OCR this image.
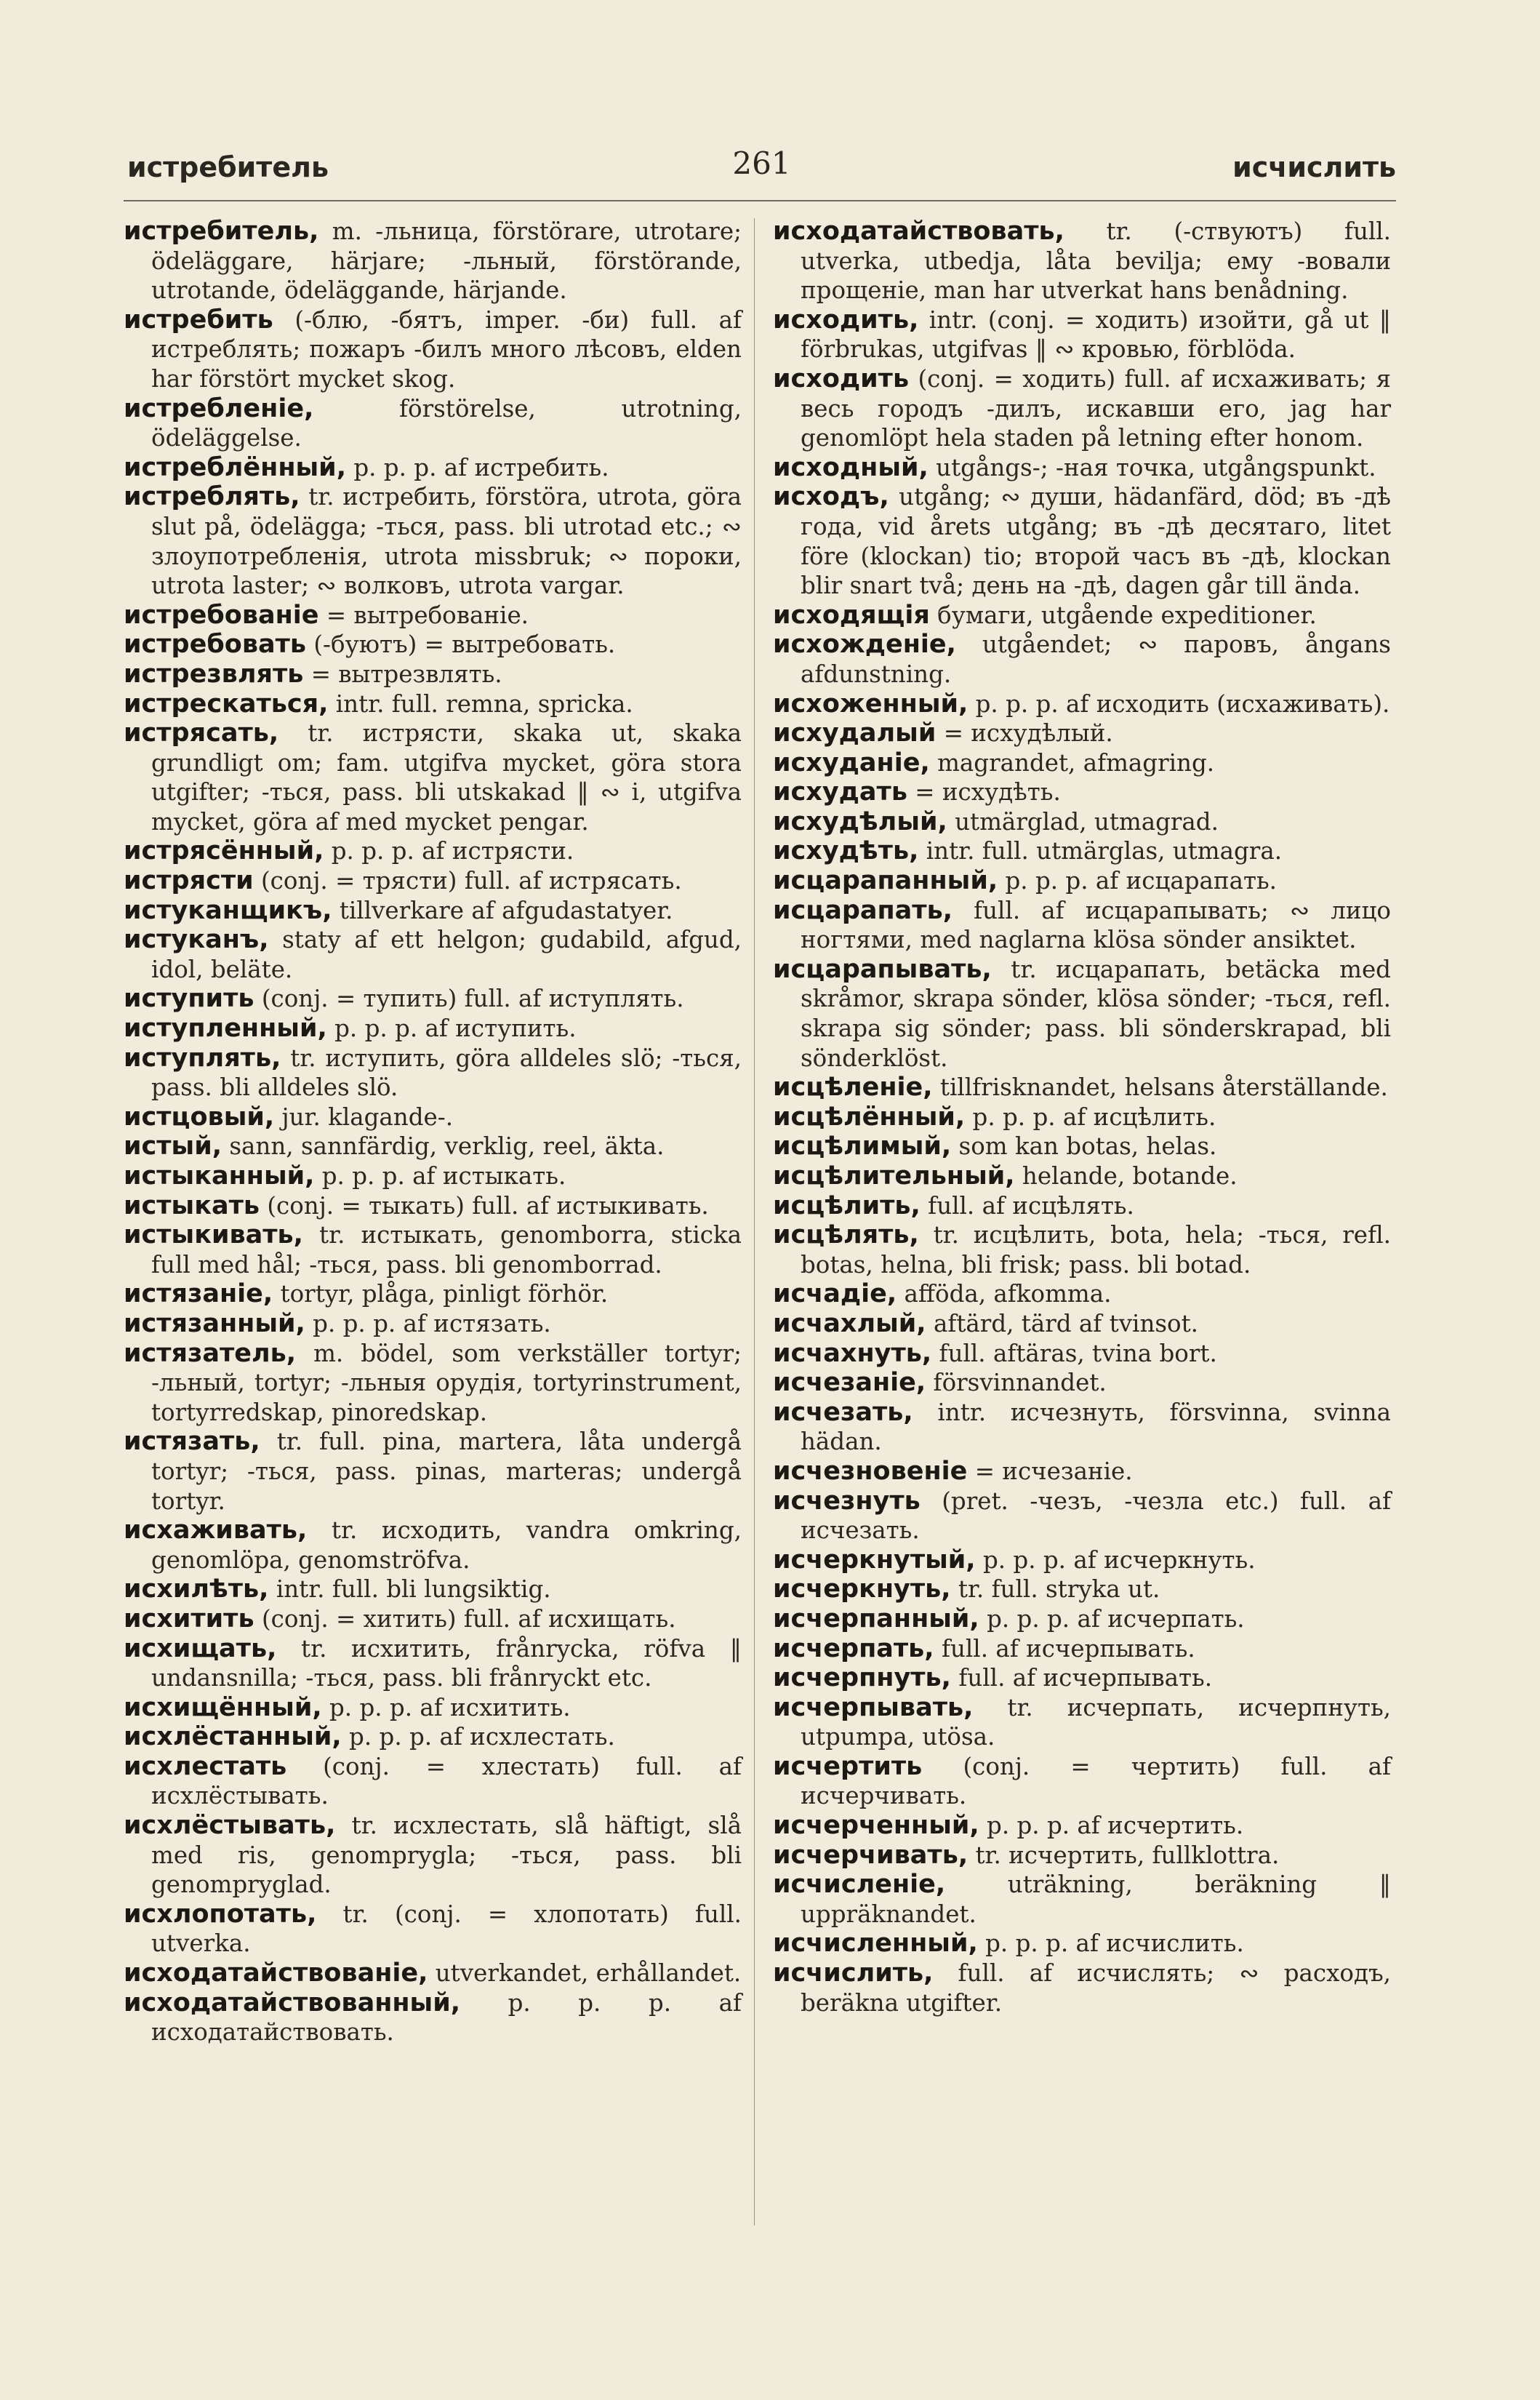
истребитель	261	исчислить

истребитель, m. -льница, förstörare, utrotare; ödeläggare, härjare; -льный, förstörande, utrotande, ödeläggande, härjande.

истребить (-блю, -бятъ, imper. -би) full. af истреблять; пожаръ -билъ много лѣсовъ, elden har förstört mycket skog.

истребленіе, förstörelse, utrotning, ödeläggelse.

истреблённый, p. p. p. af истребить.

истреблять, tr. истребить, förstöra, utrota, göra slut på, ödelägga; -ться, pass. bli utrotad etc.; ∾ злоупотребленія, utrota missbruk; ∾ пороки, utrota laster; ∾ волковъ, utrota vargar.

истребованіе = вытребованіе.

истребовать (-буютъ) = вытребовать.

истрезвлять = вытрезвлять.

истрескаться, intr. full. remna, spricka.

истрясать, tr. истрясти, skaka ut, skaka grundligt om; fam. utgifva mycket, göra stora utgifter; -ться, pass. bli utskakad ‖ ∾ i, utgifva mycket, göra af med mycket pengar.

истрясённый, p. p. p. af истрясти.

истрясти (conj. = трясти) full. af истрясать.

истуканщикъ, tillverkare af afgudastatyer.

истуканъ, staty af ett helgon; gudabild, afgud, idol, beläte.

иступить (conj. = тупить) full. af иступлять.

иступленный, p. p. p. af иступить.

иступлять, tr. иступить, göra alldeles slö; -ться, pass. bli alldeles slö.

истцовый, jur. klagande-.

истый, sann, sannfärdig, verklig, reel, äkta.

истыканный, p. p. p. af истыкать.

истыкать (conj. = тыкать) full. af истыкивать.

истыкивать, tr. истыкать, genomborra, sticka full med hål; -ться, pass. bli genomborrad.

истязаніе, tortyr, plåga, pinligt förhör.

истязанный, p. p. p. af истязать.

истязатель, m. bödel, som verkställer tortyr; -льный, tortyr; -льныя орудія, tortyrinstrument, tortyrredskap, pinoredskap.

истязать, tr. full. pina, martera, låta undergå tortyr; -ться, pass. pinas, marteras; undergå tortyr.

исхаживать, tr. исходить, vandra omkring, genomlöpa, genomströfva.

исхилѣть, intr. full. bli lungsiktig.

исхитить (conj. = хитить) full. af исхищать.

исхищать, tr. исхитить, frånrycka, röfva ‖ undansnilla; -ться, pass. bli frånryckt etc.

исхищённый, p. p. p. af исхитить.

исхлёстанный, p. p. p. af исхлестать.

исхлестать (conj. = хлестать) full. af исхлёстывать.

исхлёстывать, tr. исхлестать, slå häftigt, slå med ris, genomprygla; -ться, pass. bli genompryglad.

исхлопотать, tr. (conj. = хлопотать) full. utverka.

исходатайствованіе, utverkandet, erhållandet.

исходатайствованный, p. p. p. af исходатайствовать.

исходатайствовать, tr. (-ствуютъ) full. utverka, utbedja, låta bevilja; ему -вовали прощеніе, man har utverkat hans benådning.

исходить, intr. (conj. = ходить) изойти, gå ut ‖ förbrukas, utgifvas ‖ ∾ кровью, förblöda.

исходить (conj. = ходить) full. af исхаживать; я весь городъ -дилъ, искавши его, jag har genomlöpt hela staden på letning efter honom.

исходный, utgångs-; -ная точка, utgångspunkt.

исходъ, utgång; ∾ души, hädanfärd, död; въ -дѣ года, vid årets utgång; въ -дѣ десятаго, litet före (klockan) tio; второй часъ въ -дѣ, klockan blir snart två; день на -дѣ, dagen går till ända.

исходящія бумаги, utgående expeditioner.

исхожденіе, utgåendet; ∾ паровъ, ångans afdunstning.

исхоженный, p. p. p. af исходить (исхаживать).

исхудалый = исхудѣлый.

исхуданіе, magrandet, afmagring.

исхудать = исхудѣть.

исхудѣлый, utmärglad, utmagrad.

исхудѣть, intr. full. utmärglas, utmagra.

исцарапанный, p. p. p. af исцарапать.

исцарапать, full. af исцарапывать; ∾ лицо ногтями, med naglarna klösa sönder ansiktet.

исцарапывать, tr. исцарапать, betäcka med skråmor, skrapa sönder, klösa sönder; -ться, refl. skrapa sig sönder; pass. bli sönderskrapad, bli sönderklöst.

исцѣленіе, tillfrisknandet, helsans återställande.

исцѣлённый, p. p. p. af исцѣлить.

исцѣлимый, som kan botas, helas.

исцѣлительный, helande, botande.

исцѣлить, full. af исцѣлять.

исцѣлять, tr. исцѣлить, bota, hela; -ться, refl. botas, helna, bli frisk; pass. bli botad.

исчадіе, afföda, afkomma.

исчахлый, aftärd, tärd af tvinsot.

исчахнуть, full. aftäras, tvina bort.

исчезаніе, försvinnandet.

исчезать, intr. исчезнуть, försvinna, svinna hädan.

исчезновеніе = исчезаніе.

исчезнуть (pret. -чезъ, -чезла etc.) full. af исчезать.

исчеркнутый, p. p. p. af исчеркнуть.

исчеркнуть, tr. full. stryka ut.

исчерпанный, p. p. p. af исчерпать.

исчерпать, full. af исчерпывать.

исчерпнуть, full. af исчерпывать.

исчерпывать, tr. исчерпать, исчерпнуть, utpumpa, utösa.

исчертить (conj. = чертить) full. af исчерчивать.

исчерченный, p. p. p. af исчертить.

исчерчивать, tr. исчертить, fullklottra.

исчисленіе, uträkning, beräkning ‖ uppräknandet.

исчисленный, p. p. p. af исчислить.

исчислить, full. af исчислять; ∾ расходъ, beräkna utgifter.
